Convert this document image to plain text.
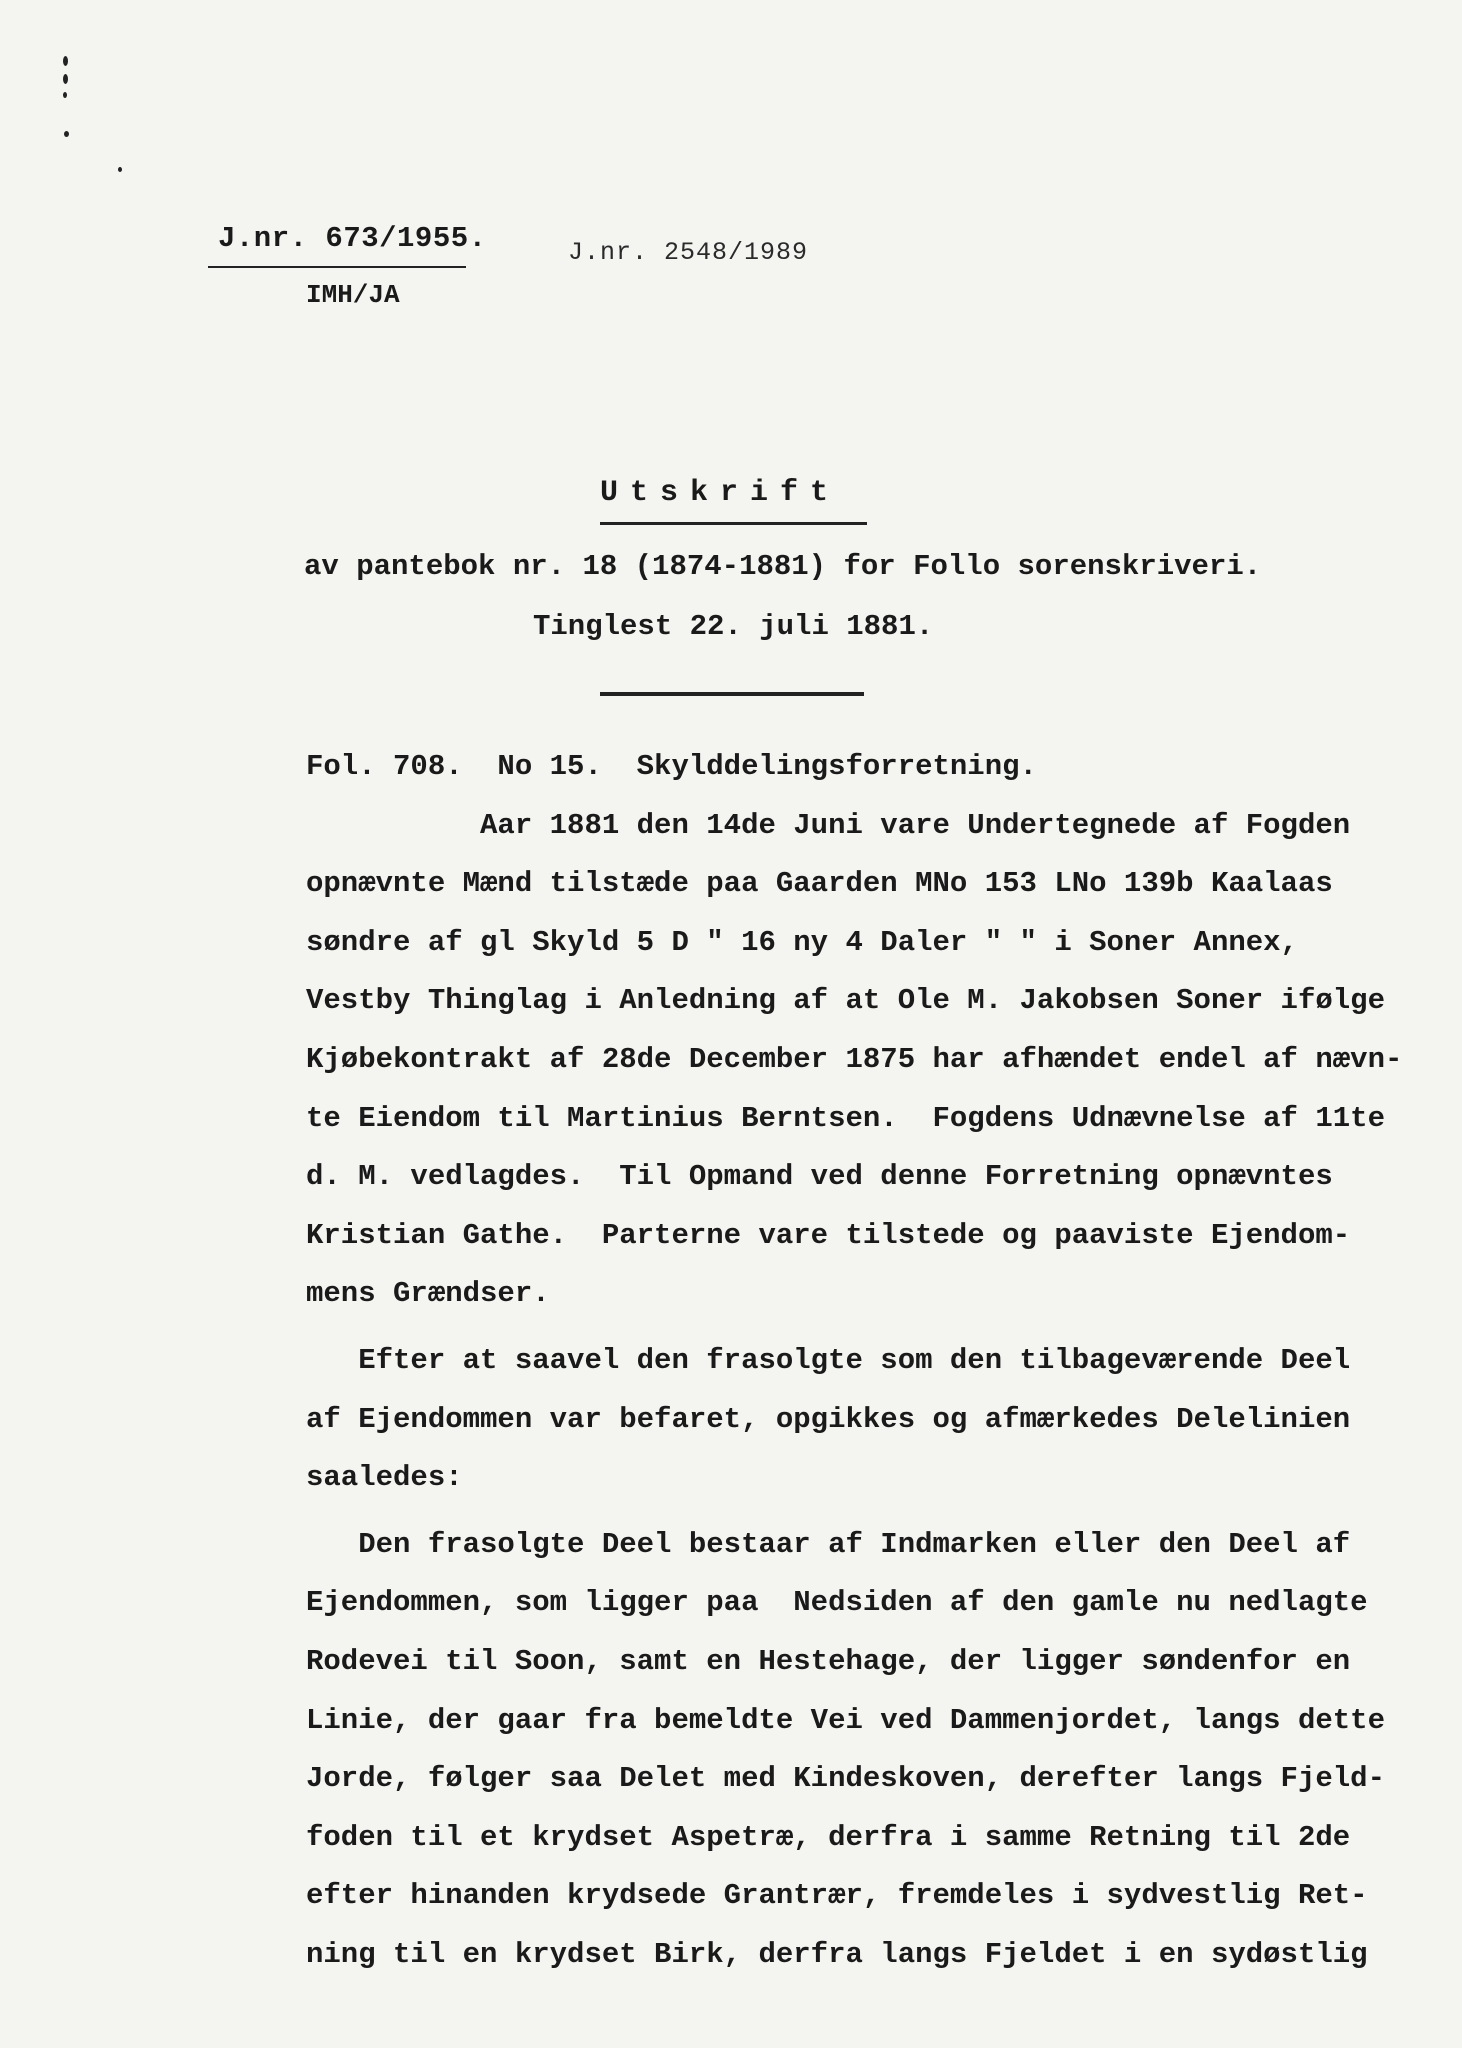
J.nr. 673/1955.	J.nr. 2548/1989
IMH/JA
Utskrift
av pantebok nr. 18 (1874-1881) for Follo sorenskriveri.
Tinglest 22. juli 1881.
Fol. 708.  No 15.  Skylddelingsforretning.
Aar 1881 den 14de Juni vare Undertegnede af Fogden
opnævnte Mænd tilstæde paa Gaarden MNo 153 LNo 139b Kaalaas
søndre af gl Skyld 5 D " 16 ny 4 Daler " " i Soner Annex,
Vestby Thinglag i Anledning af at Ole M. Jakobsen Soner ifølge
Kjøbekontrakt af 28de December 1875 har afhændet endel af nævn-
te Eiendom til Martinius Berntsen.  Fogdens Udnævnelse af 11te
d. M. vedlagdes.  Til Opmand ved denne Forretning opnævntes
Kristian Gathe.  Parterne vare tilstede og paaviste Ejendom-
mens Grændser.
Efter at saavel den frasolgte som den tilbageværende Deel
af Ejendommen var befaret, opgikkes og afmærkedes Delelinien
saaledes:
Den frasolgte Deel bestaar af Indmarken eller den Deel af
Ejendommen, som ligger paa  Nedsiden af den gamle nu nedlagte
Rodevei til Soon, samt en Hestehage, der ligger søndenfor en
Linie, der gaar fra bemeldte Vei ved Dammenjordet, langs dette
Jorde, følger saa Delet med Kindeskoven, derefter langs Fjeld-
foden til et krydset Aspetræ, derfra i samme Retning til 2de
efter hinanden krydsede Grantrær, fremdeles i sydvestlig Ret-
ning til en krydset Birk, derfra langs Fjeldet i en sydøstlig
